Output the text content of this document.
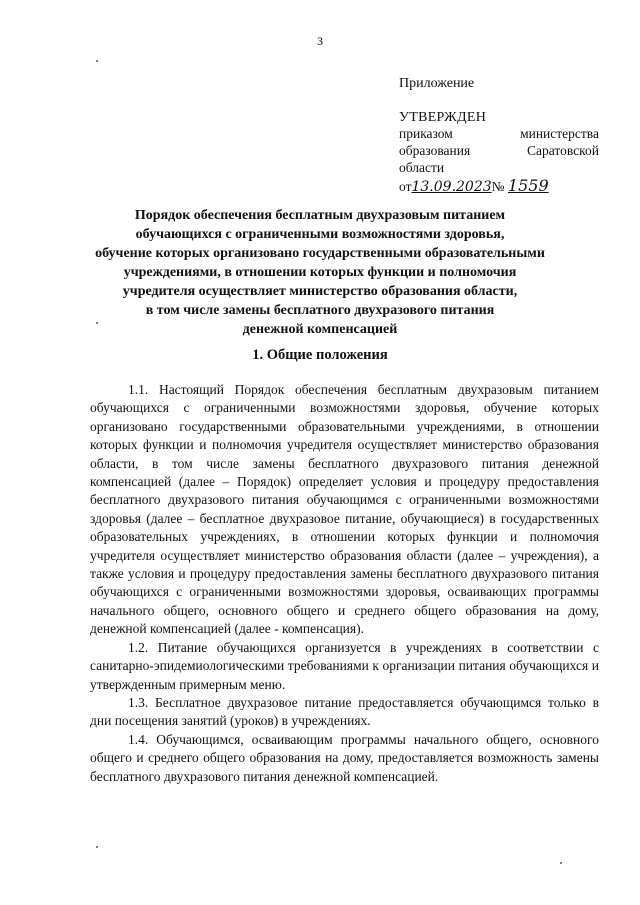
3
Приложение
УТВЕРЖДЕН
приказом	министерства
образования	Саратовской
области
от13.09.2023№ 1559
Порядок обеспечения бесплатным двухразовым питанием
обучающихся с ограниченными возможностями здоровья,
обучение которых организовано государственными образовательными
учреждениями, в отношении которых функции и полномочия
учредителя осуществляет министерство образования области,
в том числе замены бесплатного двухразового питания
денежной компенсацией
1. Общие положения

1.1. Настоящий Порядок обеспечения бесплатным двухразовым питанием обучающихся с ограниченными возможностями здоровья, обучение которых организовано государственными образовательными учреждениями, в отношении которых функции и полномочия учредителя осуществляет министерство образования области, в том числе замены бесплатного двухразового питания денежной компенсацией (далее – Порядок) определяет условия и процедуру предоставления бесплатного двухразового питания обучающимся с ограниченными возможностями здоровья (далее – бесплатное двухразовое питание, обучающиеся) в государственных образовательных учреждениях, в отношении которых функции и полномочия учредителя осуществляет министерство образования области (далее – учреждения), а также условия и процедуру предоставления замены бесплатного двухразового питания обучающихся с ограниченными возможностями здоровья, осваивающих программы начального общего, основного общего и среднего общего образования на дому, денежной компенсацией (далее - компенсация).

1.2. Питание обучающихся организуется в учреждениях в соответствии с санитарно-эпидемиологическими требованиями к организации питания обучающихся и утвержденным примерным меню.

1.3. Бесплатное двухразовое питание предоставляется обучающимся только в дни посещения занятий (уроков) в учреждениях.

1.4. Обучающимся, осваивающим программы начального общего, основного общего и среднего общего образования на дому, предоставляется возможность замены бесплатного двухразового питания денежной компенсацией.
